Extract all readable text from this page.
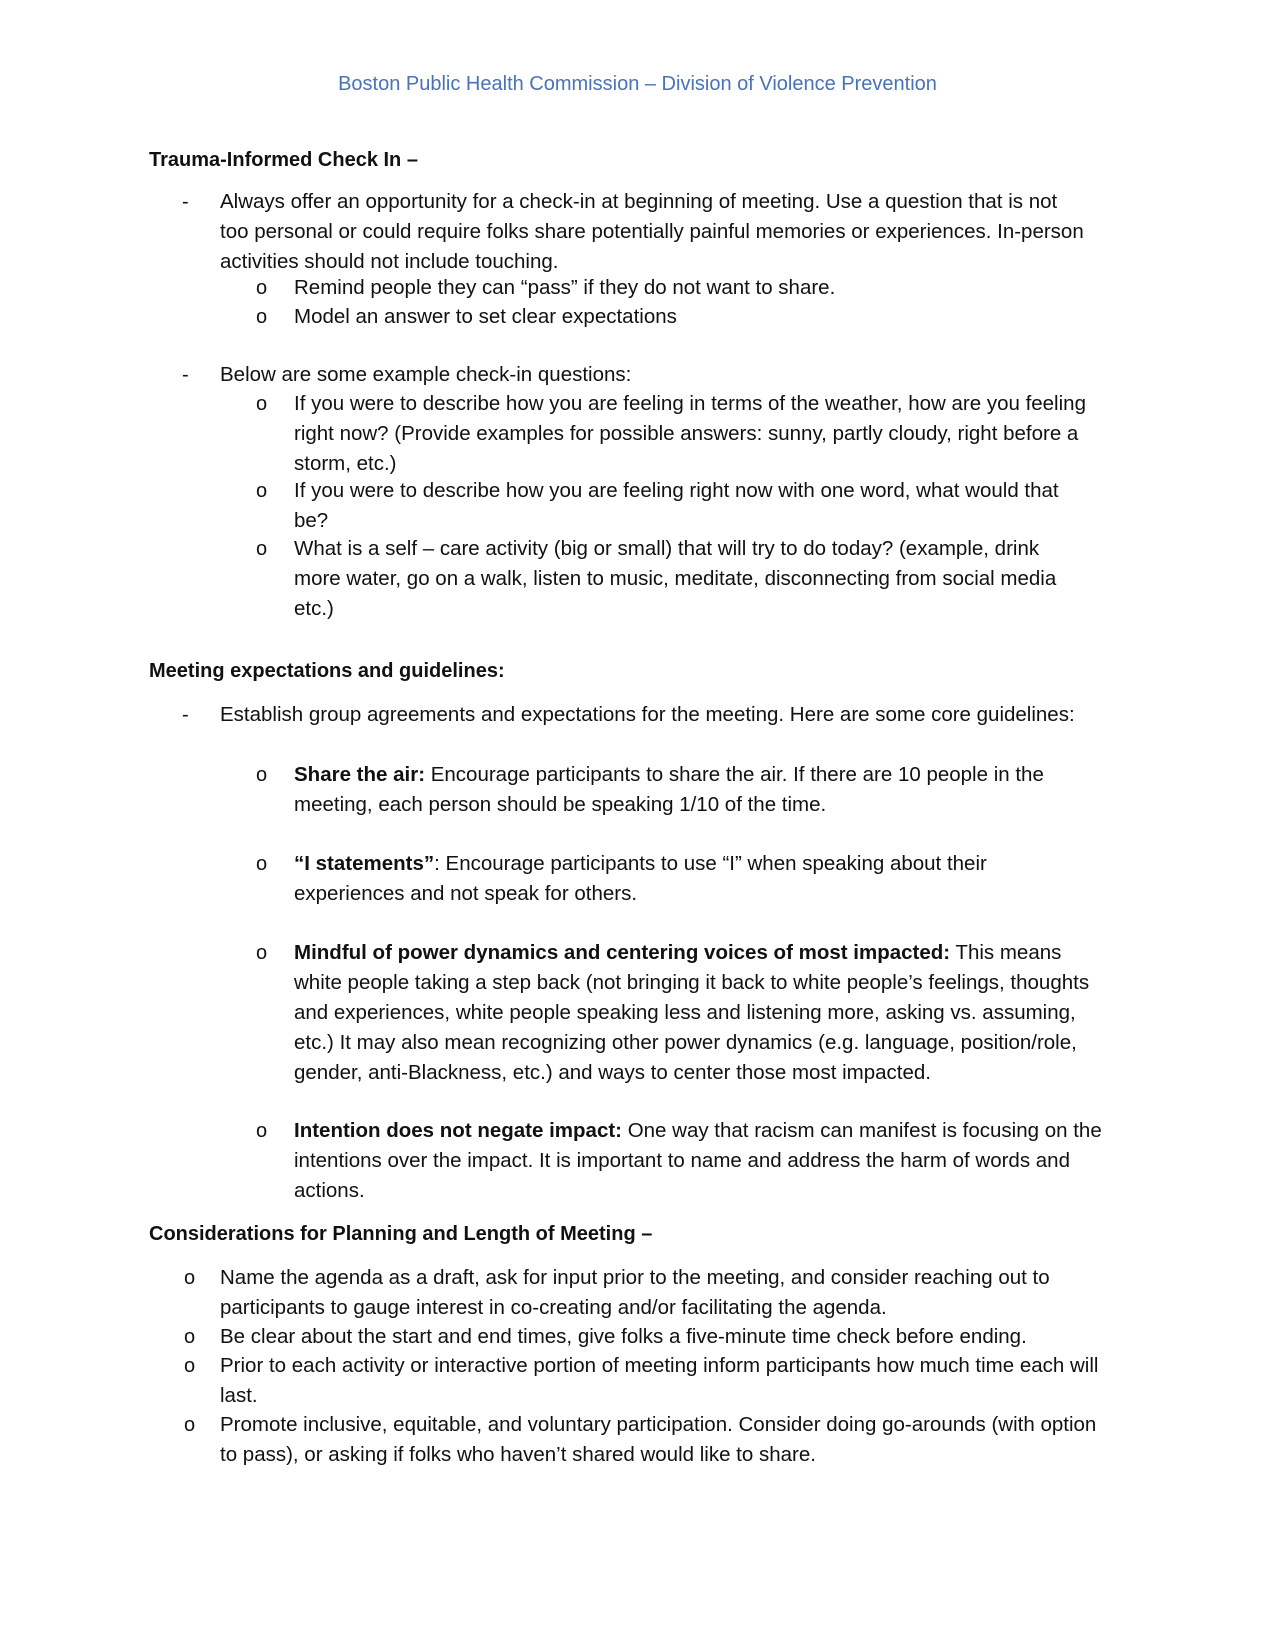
Boston Public Health Commission – Division of Violence Prevention
Trauma-Informed Check In –
- Always offer an opportunity for a check-in at beginning of meeting. Use a question that is not too personal or could require folks share potentially painful memories or experiences. In-person activities should not include touching.
o Remind people they can “pass” if they do not want to share.
o Model an answer to set clear expectations
- Below are some example check-in questions:
o If you were to describe how you are feeling in terms of the weather, how are you feeling right now? (Provide examples for possible answers: sunny, partly cloudy, right before a storm, etc.)
o If you were to describe how you are feeling right now with one word, what would that be?
o What is a self – care activity (big or small) that will try to do today? (example, drink more water, go on a walk, listen to music, meditate, disconnecting from social media etc.)
Meeting expectations and guidelines:
- Establish group agreements and expectations for the meeting. Here are some core guidelines:
o Share the air: Encourage participants to share the air. If there are 10 people in the meeting, each person should be speaking 1/10 of the time.
o “I statements”: Encourage participants to use “I” when speaking about their experiences and not speak for others.
o Mindful of power dynamics and centering voices of most impacted: This means white people taking a step back (not bringing it back to white people’s feelings, thoughts and experiences, white people speaking less and listening more, asking vs. assuming, etc.) It may also mean recognizing other power dynamics (e.g. language, position/role, gender, anti-Blackness, etc.) and ways to center those most impacted.
o Intention does not negate impact: One way that racism can manifest is focusing on the intentions over the impact. It is important to name and address the harm of words and actions.
Considerations for Planning and Length of Meeting –
o Name the agenda as a draft, ask for input prior to the meeting, and consider reaching out to participants to gauge interest in co-creating and/or facilitating the agenda.
o Be clear about the start and end times, give folks a five-minute time check before ending.
o Prior to each activity or interactive portion of meeting inform participants how much time each will last.
o Promote inclusive, equitable, and voluntary participation. Consider doing go-arounds (with option to pass), or asking if folks who haven’t shared would like to share.
